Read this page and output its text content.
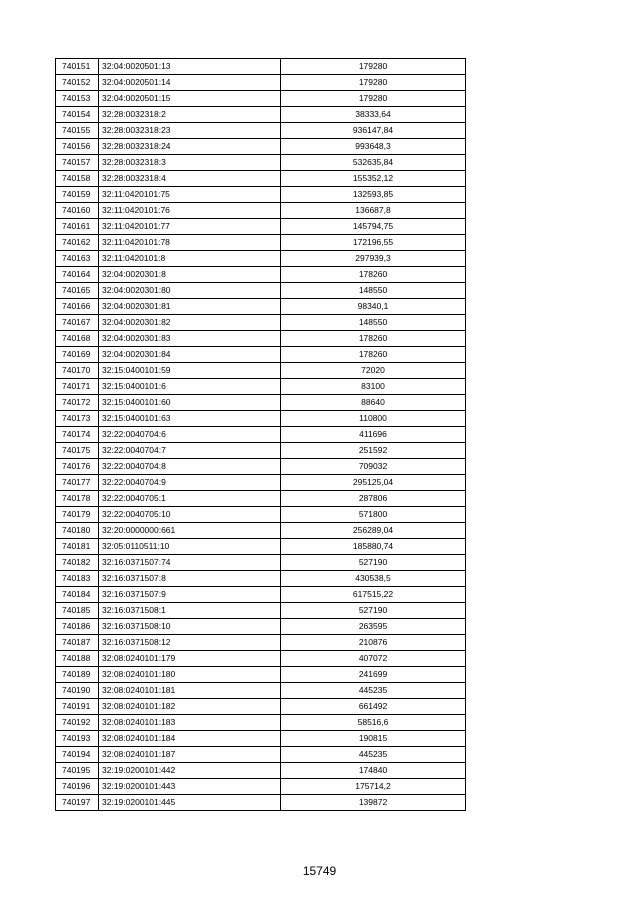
740151	32:04:0020501:13	179280
740152	32:04:0020501:14	179280
740153	32:04:0020501:15	179280
740154	32:28:0032318:2	38333,64
740155	32:28:0032318:23	936147,84
740156	32:28:0032318:24	993648,3
740157	32:28:0032318:3	532635,84
740158	32:28:0032318:4	155352,12
740159	32:11:0420101:75	132593,85
740160	32:11:0420101:76	136687,8
740161	32:11:0420101:77	145794,75
740162	32:11:0420101:78	172196,55
740163	32:11:0420101:8	297939,3
740164	32:04:0020301:8	178260
740165	32:04:0020301:80	148550
740166	32:04:0020301:81	98340,1
740167	32:04:0020301:82	148550
740168	32:04:0020301:83	178260
740169	32:04:0020301:84	178260
740170	32:15:0400101:59	72020
740171	32:15:0400101:6	83100
740172	32:15:0400101:60	88640
740173	32:15:0400101:63	110800
740174	32:22:0040704:6	411696
740175	32:22:0040704:7	251592
740176	32:22:0040704:8	709032
740177	32:22:0040704:9	295125,04
740178	32:22:0040705:1	287806
740179	32:22:0040705:10	571800
740180	32:20:0000000:661	256289,04
740181	32:05:0110511:10	185880,74
740182	32:16:0371507:74	527190
740183	32:16:0371507:8	430538,5
740184	32:16:0371507:9	617515,22
740185	32:16:0371508:1	527190
740186	32:16:0371508:10	263595
740187	32:16:0371508:12	210876
740188	32:08:0240101:179	407072
740189	32:08:0240101:180	241699
740190	32:08:0240101:181	445235
740191	32:08:0240101:182	661492
740192	32:08:0240101:183	58516,6
740193	32:08:0240101:184	190815
740194	32:08:0240101:187	445235
740195	32:19:0200101:442	174840
740196	32:19:0200101:443	175714,2
740197	32:19:0200101:445	139872
15749
